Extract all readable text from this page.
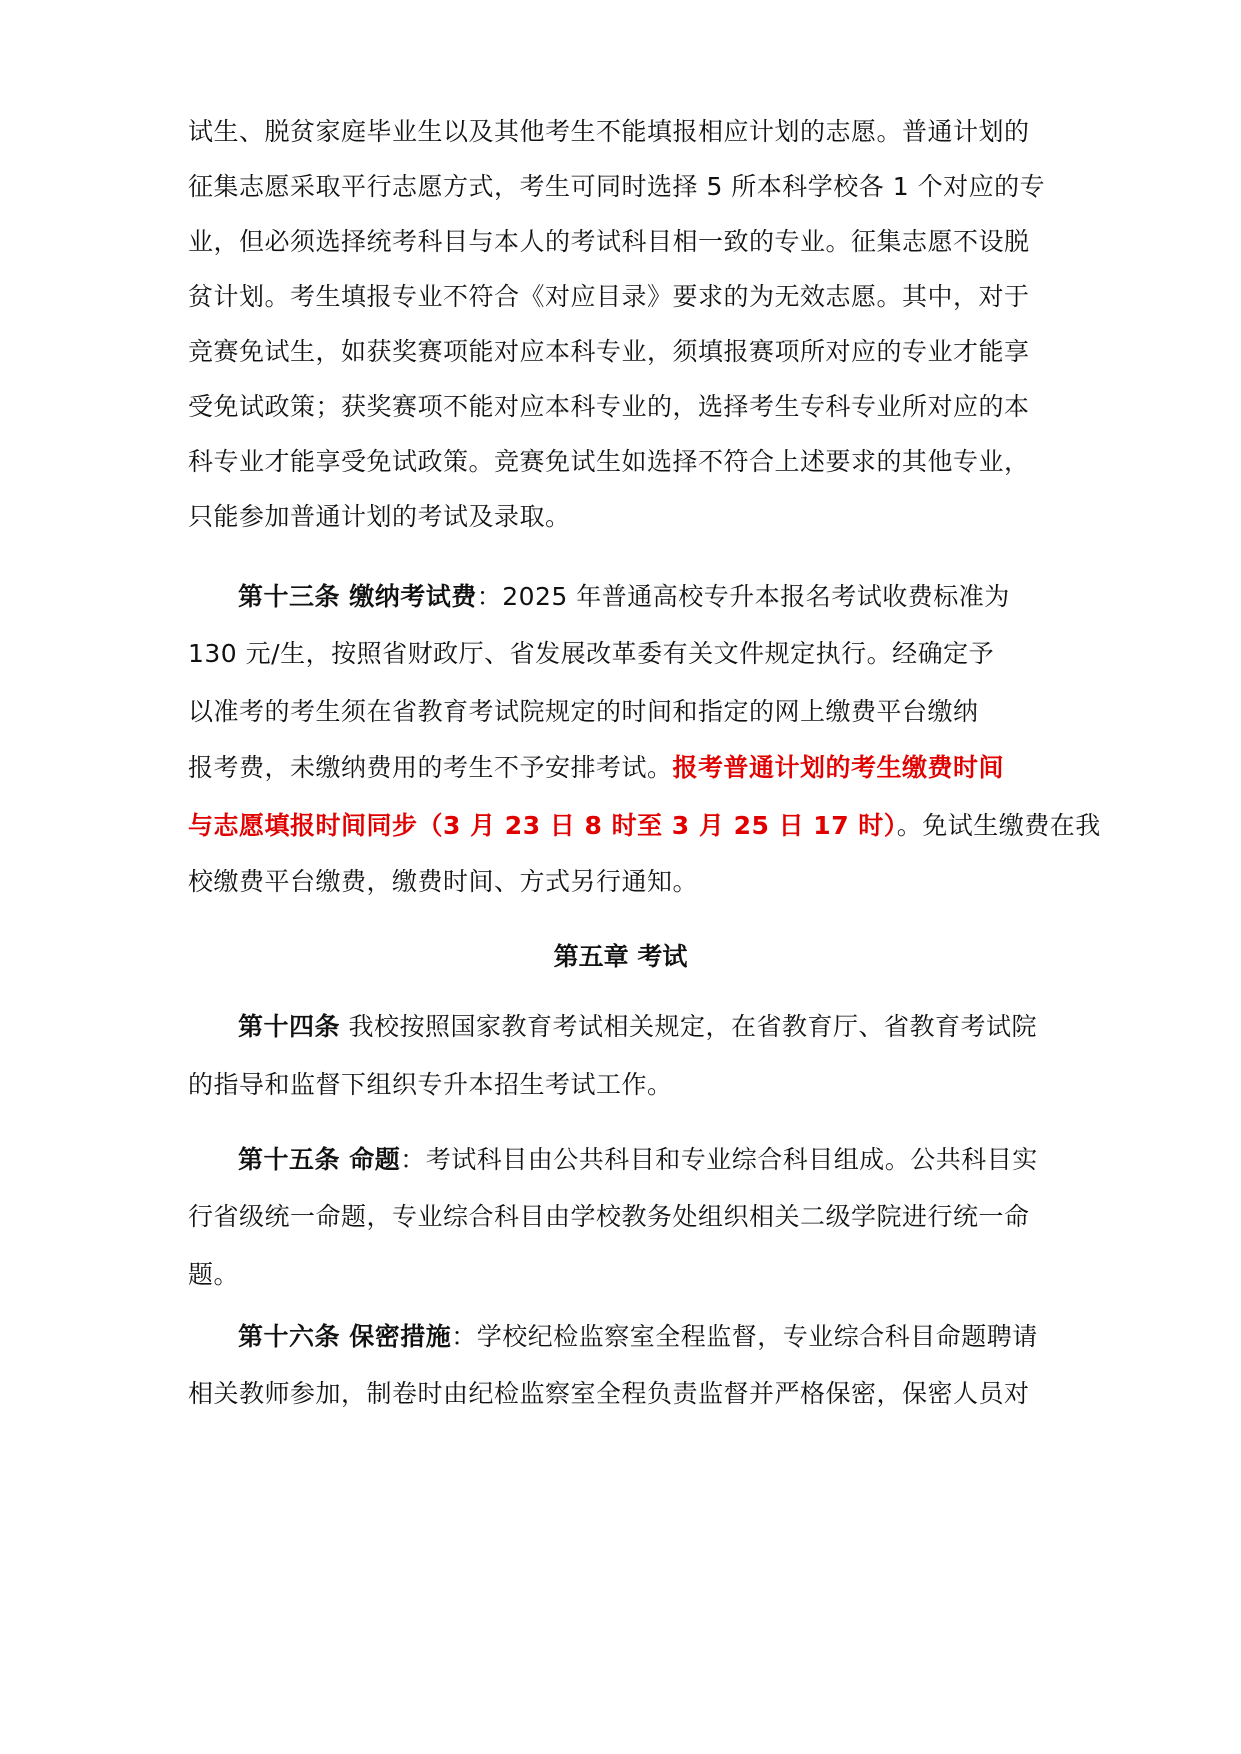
试生、脱贫家庭毕业生以及其他考生不能填报相应计划的志愿。普通计划的
征集志愿采取平行志愿方式，考生可同时选择 5 所本科学校各 1 个对应的专
业，但必须选择统考科目与本人的考试科目相一致的专业。征集志愿不设脱
贫计划。考生填报专业不符合《对应目录》要求的为无效志愿。其中，对于
竞赛免试生，如获奖赛项能对应本科专业，须填报赛项所对应的专业才能享
受免试政策；获奖赛项不能对应本科专业的，选择考生专科专业所对应的本
科专业才能享受免试政策。竞赛免试生如选择不符合上述要求的其他专业，
只能参加普通计划的考试及录取。
第十三条 缴纳考试费：2025 年普通高校专升本报名考试收费标准为
130 元/生，按照省财政厅、省发展改革委有关文件规定执行。经确定予
以准考的考生须在省教育考试院规定的时间和指定的网上缴费平台缴纳
报考费，未缴纳费用的考生不予安排考试。报考普通计划的考生缴费时间
与志愿填报时间同步（3 月 23 日 8 时至 3 月 25 日 17 时）。免试生缴费在我
校缴费平台缴费，缴费时间、方式另行通知。
第五章 考试
第十四条 我校按照国家教育考试相关规定，在省教育厅、省教育考试院
的指导和监督下组织专升本招生考试工作。
第十五条 命题：考试科目由公共科目和专业综合科目组成。公共科目实
行省级统一命题，专业综合科目由学校教务处组织相关二级学院进行统一命
题。
第十六条 保密措施：学校纪检监察室全程监督，专业综合科目命题聘请
相关教师参加，制卷时由纪检监察室全程负责监督并严格保密，保密人员对
